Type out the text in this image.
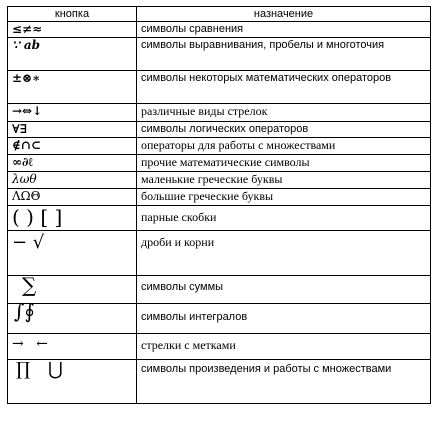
кнопка	назначение
≤≠≈	символы сравнения
∵ ab	символы выравнивания, пробелы и многоточия
±⊗∗	символы некоторых математических операторов
→⇔↓	различные виды стрелок
∀∃	символы логических операторов
∉∩⊂	операторы для работы с множествами
∞∂ℓ	прочие математические символы
λωθ	маленькие греческие буквы
ΛΩΘ	большие греческие буквы
( ) [ ]	парные скобки
− √	дроби и корни
∑	символы суммы
∫∮	символы интегралов
→ ←	стрелки с метками
∏ ⋃	символы произведения и работы с множествами
